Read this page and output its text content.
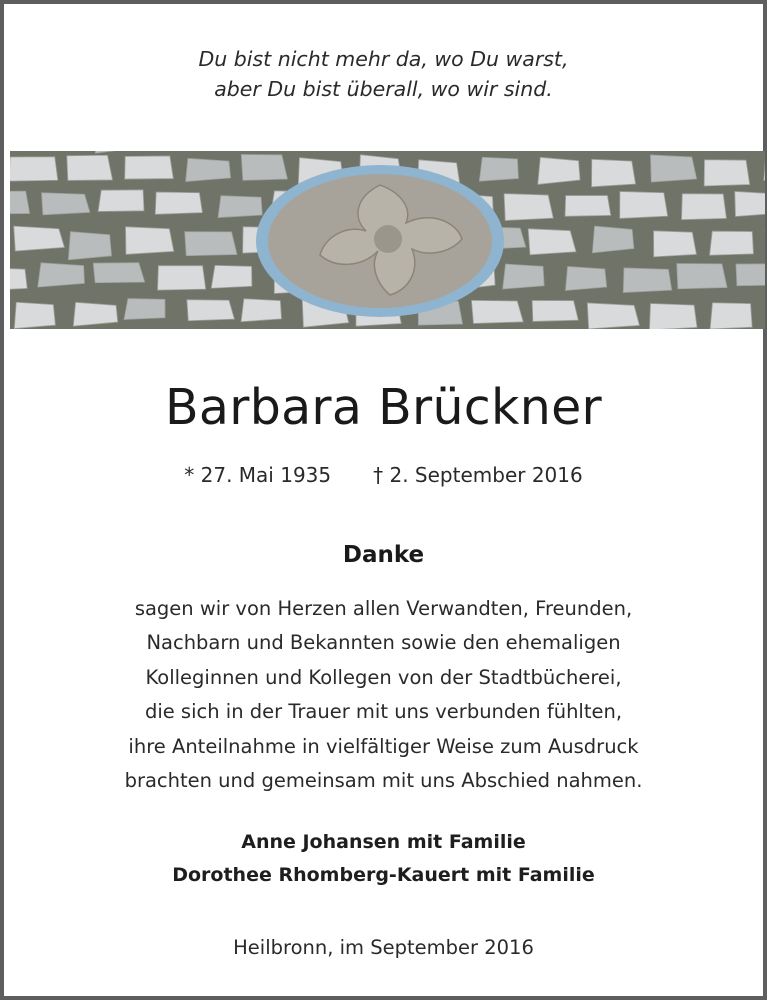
Du bist nicht mehr da, wo Du warst,
aber Du bist überall, wo wir sind.
Barbara Brückner
* 27. Mai 1935 † 2. September 2016
Danke
sagen wir von Herzen allen Verwandten, Freunden,
Nachbarn und Bekannten sowie den ehemaligen
Kolleginnen und Kollegen von der Stadtbücherei,
die sich in der Trauer mit uns verbunden fühlten,
ihre Anteilnahme in vielfältiger Weise zum Ausdruck
brachten und gemeinsam mit uns Abschied nahmen.
Anne Johansen mit Familie
Dorothee Rhomberg-Kauert mit Familie
Heilbronn, im September 2016
